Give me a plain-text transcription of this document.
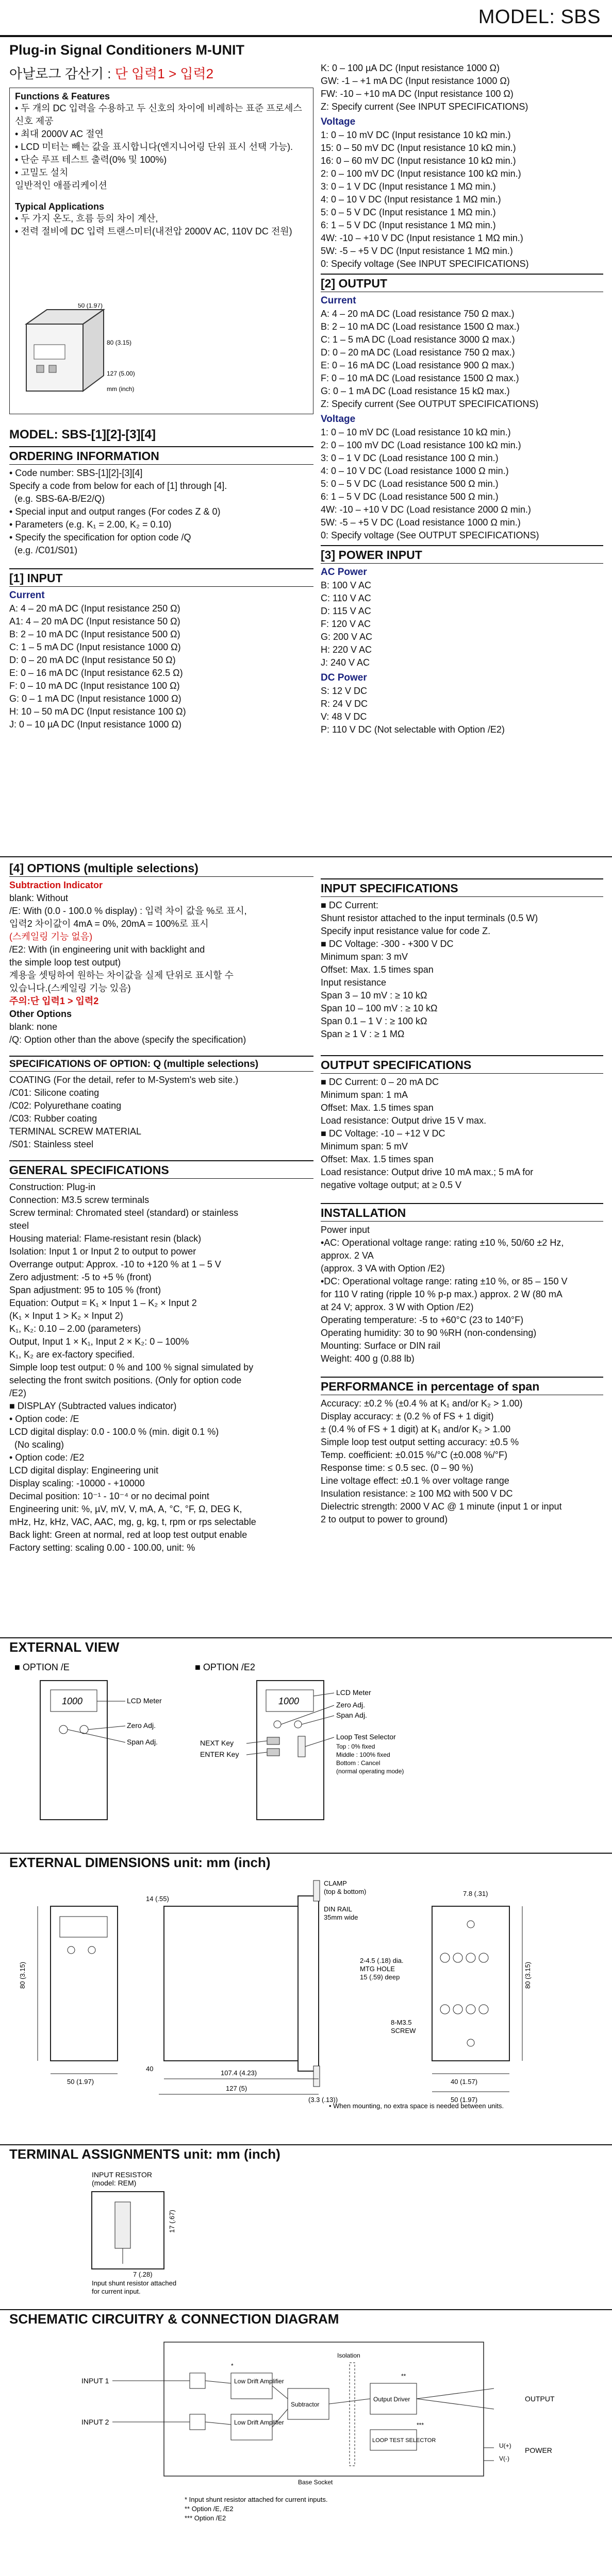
MODEL: SBS
Plug-in Signal Conditioners M-UNIT
아날로그 감산기 : 단 입력1 > 입력2
Functions & Features
• 두 개의 DC 입력을 수용하고 두 신호의 차이에 비례하는 표준 프로세스 신호 제공
• 최대 2000V AC 절연
• LCD 미터는 빼는 값을 표시합니다(엔지니어링 단위 표시 선택 가능).
• 단순 루프 테스트 출력(0% 및 100%)
• 고밀도 설치
일반적인 애플리케이션
Typical Applications
• 두 가지 온도, 흐름 등의 차이 계산,
• 전력 절비에 DC 입력 트랜스미터(내전압 2000V AC, 110V DC 전원)
50 (1.97)
80 (3.15)
127 (5.00)
mm (inch)
MODEL: SBS-[1][2]-[3][4]
ORDERING INFORMATION
• Code number: SBS-[1][2]-[3][4]
Specify a code from below for each of [1] through [4].
(e.g. SBS-6A-B/E2/Q)
• Special input and output ranges (For codes Z & 0)
• Parameters (e.g. K₁ = 2.00, K₂ = 0.10)
• Specify the specification for option code /Q
(e.g. /C01/S01)
[1] INPUT
Current
A: 4 – 20 mA DC (Input resistance 250 Ω)
A1: 4 – 20 mA DC (Input resistance 50 Ω)
B: 2 – 10 mA DC (Input resistance 500 Ω)
C: 1 – 5 mA DC (Input resistance 1000 Ω)
D: 0 – 20 mA DC (Input resistance 50 Ω)
E: 0 – 16 mA DC (Input resistance 62.5 Ω)
F: 0 – 10 mA DC (Input resistance 100 Ω)
G: 0 – 1 mA DC (Input resistance 1000 Ω)
H: 10 – 50 mA DC (Input resistance 100 Ω)
J: 0 – 10 µA DC (Input resistance 1000 Ω)
K: 0 – 100 µA DC (Input resistance 1000 Ω)
GW: -1 – +1 mA DC (Input resistance 1000 Ω)
FW: -10 – +10 mA DC (Input resistance 100 Ω)
Z: Specify current (See INPUT SPECIFICATIONS)
Voltage
1: 0 – 10 mV DC (Input resistance 10 kΩ min.)
15: 0 – 50 mV DC (Input resistance 10 kΩ min.)
16: 0 – 60 mV DC (Input resistance 10 kΩ min.)
2: 0 – 100 mV DC (Input resistance 100 kΩ min.)
3: 0 – 1 V DC (Input resistance 1 MΩ min.)
4: 0 – 10 V DC (Input resistance 1 MΩ min.)
5: 0 – 5 V DC (Input resistance 1 MΩ min.)
6: 1 – 5 V DC (Input resistance 1 MΩ min.)
4W: -10 – +10 V DC (Input resistance 1 MΩ min.)
5W: -5 – +5 V DC (Input resistance 1 MΩ min.)
0: Specify voltage (See INPUT SPECIFICATIONS)
[2] OUTPUT
Current
A: 4 – 20 mA DC (Load resistance 750 Ω max.)
B: 2 – 10 mA DC (Load resistance 1500 Ω max.)
C: 1 – 5 mA DC (Load resistance 3000 Ω max.)
D: 0 – 20 mA DC (Load resistance 750 Ω max.)
E: 0 – 16 mA DC (Load resistance 900 Ω max.)
F: 0 – 10 mA DC (Load resistance 1500 Ω max.)
G: 0 – 1 mA DC (Load resistance 15 kΩ max.)
Z: Specify current (See OUTPUT SPECIFICATIONS)
Voltage
1: 0 – 10 mV DC (Load resistance 10 kΩ min.)
2: 0 – 100 mV DC (Load resistance 100 kΩ min.)
3: 0 – 1 V DC (Load resistance 100 Ω min.)
4: 0 – 10 V DC (Load resistance 1000 Ω min.)
5: 0 – 5 V DC (Load resistance 500 Ω min.)
6: 1 – 5 V DC (Load resistance 500 Ω min.)
4W: -10 – +10 V DC (Load resistance 2000 Ω min.)
5W: -5 – +5 V DC (Load resistance 1000 Ω min.)
0: Specify voltage (See OUTPUT SPECIFICATIONS)
[3] POWER INPUT
AC Power
B: 100 V AC
C: 110 V AC
D: 115 V AC
F: 120 V AC
G: 200 V AC
H: 220 V AC
J: 240 V AC
DC Power
S: 12 V DC
R: 24 V DC
V: 48 V DC
P: 110 V DC (Not selectable with Option /E2)
[4] OPTIONS (multiple selections)
Subtraction Indicator
blank: Without
/E: With (0.0 - 100.0 % display) : 입력 차이 값을 %로 표시,
입력2 차이값이 4mA = 0%, 20mA = 100%로 표시
(스케일링 기능 없음)
/E2: With (in engineering unit with backlight and
the simple loop test output)
계용을 셋팅하여 원하는 차이값을 실제 단위로 표시할 수
있습니다.(스케일링 기능 있음)
주의:단 입력1 > 입력2
Other Options
blank: none
/Q: Option other than the above (specify the specification)
SPECIFICATIONS OF OPTION: Q (multiple selections)
COATING (For the detail, refer to M-System's web site.)
/C01: Silicone coating
/C02: Polyurethane coating
/C03: Rubber coating
TERMINAL SCREW MATERIAL
/S01: Stainless steel
GENERAL SPECIFICATIONS
Construction: Plug-in
Connection: M3.5 screw terminals
Screw terminal: Chromated steel (standard) or stainless
steel
Housing material: Flame-resistant resin (black)
Isolation: Input 1 or Input 2 to output to power
Overrange output: Approx. -10 to +120 % at 1 – 5 V
Zero adjustment: -5 to +5 % (front)
Span adjustment: 95 to 105 % (front)
Equation: Output = K₁ × Input 1 – K₂ × Input 2
(K₁ × Input 1 > K₂ × Input 2)
K₁, K₂: 0.10 – 2.00 (parameters)
Output, Input 1 × K₁, Input 2 × K₂: 0 – 100%
K₁, K₂ are ex-factory specified.
Simple loop test output: 0 % and 100 % signal simulated by
selecting the front switch positions. (Only for option code
/E2)
■ DISPLAY (Subtracted values indicator)
• Option code: /E
LCD digital display: 0.0 - 100.0 % (min. digit 0.1 %)
(No scaling)
• Option code: /E2
LCD digital display: Engineering unit
Display scaling: -10000 - +10000
Decimal position: 10⁻¹ - 10⁻⁴ or no decimal point
Engineering unit: %, µV, mV, V, mA, A, °C, °F, Ω, DEG K,
mHz, Hz, kHz, VAC, AAC, mg, g, kg, t, rpm or rps selectable
Back light: Green at normal, red at loop test output enable
Factory setting: scaling 0.00 - 100.00, unit: %
INPUT SPECIFICATIONS
■ DC Current:
Shunt resistor attached to the input terminals (0.5 W)
Specify input resistance value for code Z.
■ DC Voltage: -300 - +300 V DC
Minimum span: 3 mV
Offset: Max. 1.5 times span
Input resistance
Span 3 – 10 mV : ≥ 10 kΩ
Span 10 – 100 mV : ≥ 10 kΩ
Span 0.1 – 1 V : ≥ 100 kΩ
Span ≥ 1 V : ≥ 1 MΩ
OUTPUT SPECIFICATIONS
■ DC Current: 0 – 20 mA DC
Minimum span: 1 mA
Offset: Max. 1.5 times span
Load resistance: Output drive 15 V max.
■ DC Voltage: -10 – +12 V DC
Minimum span: 5 mV
Offset: Max. 1.5 times span
Load resistance: Output drive 10 mA max.; 5 mA for
negative voltage output; at ≥ 0.5 V
INSTALLATION
Power input
•AC: Operational voltage range: rating ±10 %, 50/60 ±2 Hz,
approx. 2 VA
(approx. 3 VA with Option /E2)
•DC: Operational voltage range: rating ±10 %, or 85 – 150 V
for 110 V rating (ripple 10 % p-p max.) approx. 2 W (80 mA
at 24 V; approx. 3 W with Option /E2)
Operating temperature: -5 to +60°C (23 to 140°F)
Operating humidity: 30 to 90 %RH (non-condensing)
Mounting: Surface or DIN rail
Weight: 400 g (0.88 lb)
PERFORMANCE in percentage of span
Accuracy: ±0.2 % (±0.4 % at K₁ and/or K₂ > 1.00)
Display accuracy: ± (0.2 % of FS + 1 digit)
± (0.4 % of FS + 1 digit) at K₁ and/or K₂ > 1.00
Simple loop test output setting accuracy: ±0.5 %
Temp. coefficient: ±0.015 %/°C (±0.008 %/°F)
Response time: ≤ 0.5 sec. (0 – 90 %)
Line voltage effect: ±0.1 % over voltage range
Insulation resistance: ≥ 100 MΩ with 500 V DC
Dielectric strength: 2000 V AC @ 1 minute (input 1 or input
2 to output to power to ground)
EXTERNAL VIEW
■ OPTION /E	■ OPTION /E2
1000	LCD Meter
Zero Adj.
Span Adj.
1000
LCD Meter
Zero Adj.
Span Adj.
NEXT Key
ENTER Key
Loop Test Selector
Top : 0% fixed
Middle : 100% fixed
Bottom : Cancel
(normal operating mode)
EXTERNAL DIMENSIONS unit: mm (inch)
50 (1.97)
80 (3.15)
107.4 (4.23)
127 (5)
(3.3 (.13))
CLAMP
(top & bottom)
DIN RAIL
35mm wide
14 (.55)
40
40 (1.57)
50 (1.97)
7.8 (.31)
2-4.5 (.18) dia.
MTG HOLE
15 (.59) deep
8-M3.5
SCREW
80 (3.15)
• When mounting, no extra space is needed between units.
TERMINAL ASSIGNMENTS unit: mm (inch)
INPUT RESISTOR
(model: REM)
17 (.67)
7 (.28)
Input shunt resistor attached
for current input.
SCHEMATIC CIRCUITRY & CONNECTION DIAGRAM
Low Drift Amplifier
Low Drift Amplifier
Subtractor
Isolation
Output Driver
LOOP TEST SELECTOR
INPUT 1
INPUT 2
OUTPUT
POWER
U(+)
V(-)
Base Socket
*
**
***
* Input shunt resistor attached for current inputs.
** Option /E, /E2
*** Option /E2
